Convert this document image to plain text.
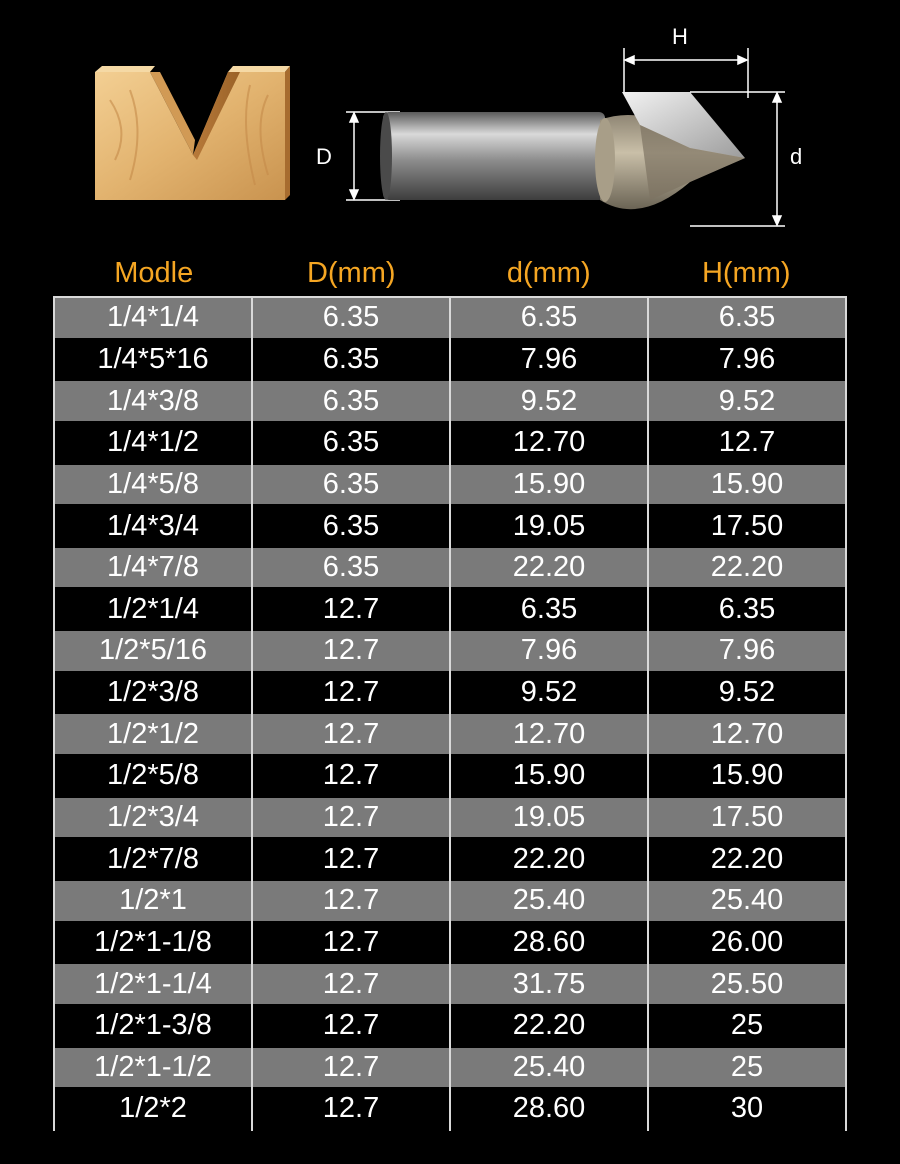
H
D	d
Modle	D(mm)	d(mm)	H(mm)
1/4*1/4	6.35	6.35	6.35
1/4*5*16	6.35	7.96	7.96
1/4*3/8	6.35	9.52	9.52
1/4*1/2	6.35	12.70	12.7
1/4*5/8	6.35	15.90	15.90
1/4*3/4	6.35	19.05	17.50
1/4*7/8	6.35	22.20	22.20
1/2*1/4	12.7	6.35	6.35
1/2*5/16	12.7	7.96	7.96
1/2*3/8	12.7	9.52	9.52
1/2*1/2	12.7	12.70	12.70
1/2*5/8	12.7	15.90	15.90
1/2*3/4	12.7	19.05	17.50
1/2*7/8	12.7	22.20	22.20
1/2*1	12.7	25.40	25.40
1/2*1-1/8	12.7	28.60	26.00
1/2*1-1/4	12.7	31.75	25.50
1/2*1-3/8	12.7	22.20	25
1/2*1-1/2	12.7	25.40	25
1/2*2	12.7	28.60	30
